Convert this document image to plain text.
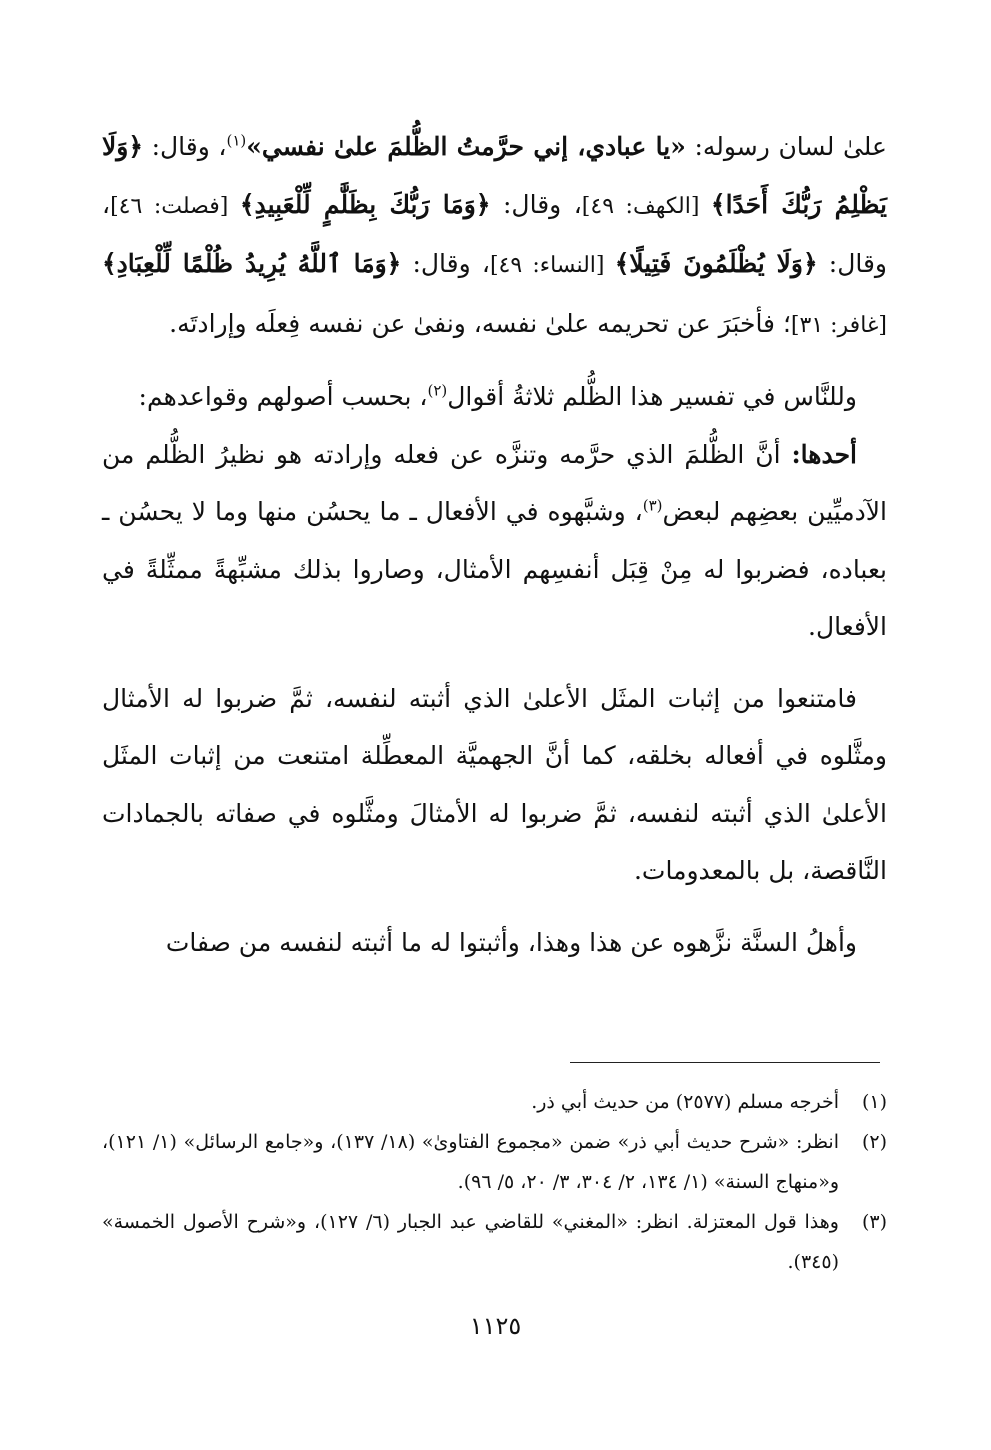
علىٰ لسان رسوله: «يا عبادي، إني حرَّمتُ الظُّلمَ علىٰ نفسي»$^{(١)}$، وقال: ﴿وَلَا يَظْلِمُ رَبُّكَ أَحَدًا﴾ [الكهف: ٤٩]، وقال: ﴿وَمَا رَبُّكَ بِظَلَّٰمٍ لِّلْعَبِيدِ﴾ [فصلت: ٤٦]، وقال: ﴿وَلَا يُظْلَمُونَ فَتِيلًا﴾ [النساء: ٤٩]، وقال: ﴿وَمَا ٱللَّهُ يُرِيدُ ظُلْمًا لِّلْعِبَادِ﴾ [غافر: ٣١]؛ فأخبَرَ عن تحريمه علىٰ نفسه، ونفىٰ عن نفسه فِعلَه وإرادتَه.

وللنَّاس في تفسير هذا الظُّلم ثلاثةُ أقوال$^{(٢)}$، بحسب أصولهم وقواعدهم:

أحدها: أنَّ الظُّلمَ الذي حرَّمه وتنزَّه عن فعله وإرادته هو نظيرُ الظُّلم من الآدميِّين بعضِهم لبعض$^{(٣)}$، وشبَّهوه في الأفعال ـ ما يحسُن منها وما لا يحسُن ـ بعباده، فضربوا له مِنْ قِبَل أنفسِهم الأمثال، وصاروا بذلك مشبِّهةً ممثِّلةً في الأفعال.

فامتنعوا من إثبات المثَل الأعلىٰ الذي أثبته لنفسه، ثمَّ ضربوا له الأمثال ومثَّلوه في أفعاله بخلقه، كما أنَّ الجهميَّة المعطِّلة امتنعت من إثبات المثَل الأعلىٰ الذي أثبته لنفسه، ثمَّ ضربوا له الأمثالَ ومثَّلوه في صفاته بالجمادات النَّاقصة، بل بالمعدومات.

وأهلُ السنَّة نزَّهوه عن هذا وهذا، وأثبتوا له ما أثبته لنفسه من صفات

(١)
أخرجه مسلم (٢٥٧٧) من حديث أبي ذر.
(٢)
انظر: «شرح حديث أبي ذر» ضمن «مجموع الفتاوىٰ» (١٨/ ١٣٧)، و«جامع الرسائل» (١/ ١٢١)، و«منهاج السنة» (١/ ١٣٤، ٢/ ٣٠٤، ٣/ ٢٠، ٥/ ٩٦).
(٣)
وهذا قول المعتزلة. انظر: «المغني» للقاضي عبد الجبار (٦/ ١٢٧)، و«شرح الأصول الخمسة» (٣٤٥).
١١٢٥
